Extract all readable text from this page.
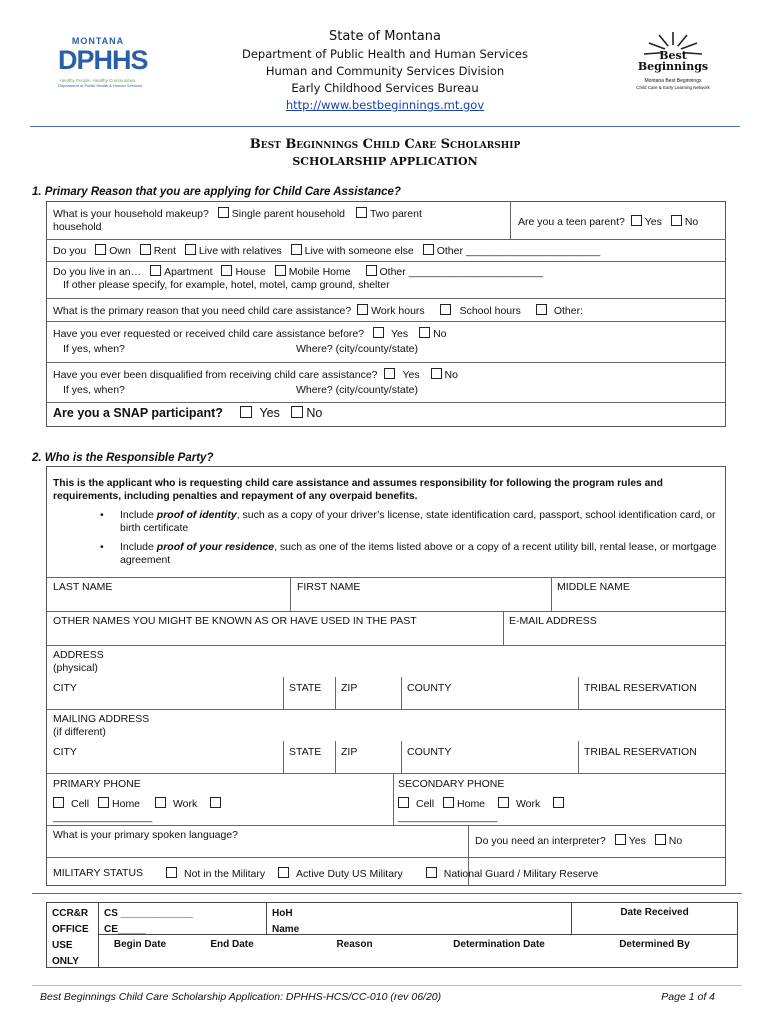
MONTANA
DPHHS
Healthy People. Healthy Communities.
Department of Public Health & Human Services
State of Montana
Department of Public Health and Human Services
Human and Community Services Division
Early Childhood Services Bureau
http://www.bestbeginnings.mt.gov
Best Beginnings
Montana Best Beginnings
Child Care & Early Learning Network
Best Beginnings Child Care Scholarship
SCHOLARSHIP APPLICATION
1. Primary Reason that you are applying for Child Care Assistance?
What is your household makeup? Single parent household Two parent
household	Are you a teen parent? Yes No
Do you Own Rent Live with relatives Live with someone else Other _______________________
Do you live in an… Apartment House Mobile Home	Other _______________________
If other please specify, for example, hotel, motel, camp ground, shelter
What is the primary reason that you need child care assistance? Work hours	School hours	Other:
Have you ever requested or received child care assistance before?	Yes No
If yes, when?	Where? (city/county/state)
Have you ever been disqualified from receiving child care assistance? Yes No
If yes, when?	Where? (city/county/state)
Are you a SNAP participant?	Yes No
2. Who is the Responsible Party?
This is the applicant who is requesting child care assistance and assumes responsibility for following the program rules and requirements, including penalties and repayment of any overpaid benefits.
• Include proof of identity, such as a copy of your driver’s license, state identification card, passport, school identification card, or birth certificate
• Include proof of your residence, such as one of the items listed above or a copy of a recent utility bill, rental lease, or mortgage agreement
LAST NAME	FIRST NAME	MIDDLE NAME
OTHER NAMES YOU MIGHT BE KNOWN AS OR HAVE USED IN THE PAST	E-MAIL ADDRESS
ADDRESS
(physical)
CITY	STATE ZIP	COUNTY	TRIBAL RESERVATION
MAILING ADDRESS
(if different)
CITY	STATE ZIP	COUNTY	TRIBAL RESERVATION
PRIMARY PHONE
Cell Home	Work
_________________
SECONDARY PHONE
Cell Home	Work
_________________
What is your primary spoken language?	Do you need an interpreter? Yes No
MILITARY STATUS	Not in the Military	Active Duty US Military	National Guard / Military Reserve
CCR&R
OFFICE
USE
ONLY
CS _____________
CE_____
HoH
Name
Date Received
Begin Date	End Date	Reason	Determination Date	Determined By
Best Beginnings Child Care Scholarship Application: DPHHS-HCS/CC-010 (rev 06/20)	Page 1 of 4
